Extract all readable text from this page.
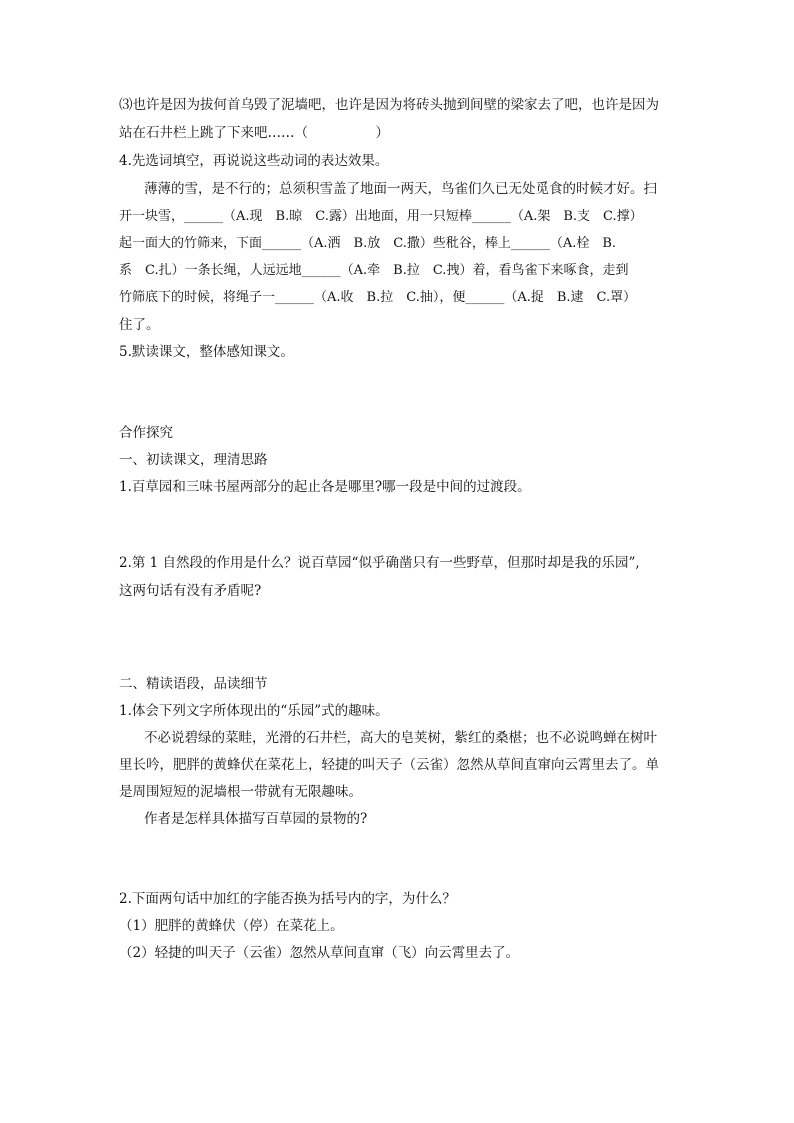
⑶也许是因为拔何首乌毁了泥墙吧，也许是因为将砖头抛到间壁的梁家去了吧，也许是因为
站在石井栏上跳了下来吧……（　　　　　）
4.先选词填空，再说说这些动词的表达效果。
薄薄的雪，是不行的；总须积雪盖了地面一两天，鸟雀们久已无处觅食的时候才好。扫
开一块雪，______（A.现　B.晾　C.露）出地面，用一只短棒______（A.架　B.支　C.撑）
起一面大的竹筛来，下面______（A.洒　B.放　C.撒）些秕谷，棒上______（A.栓　B.
系　C.扎）一条长绳，人远远地______（A.牵　B.拉　C.拽）着，看鸟雀下来啄食，走到
竹筛底下的时候，将绳子一______（A.收　B.拉　C.抽），便______（A.捉　B.逮　C.罩）
住了。
5.默读课文，整体感知课文。
合作探究
一、初读课文，理清思路
1.百草园和三味书屋两部分的起止各是哪里?哪一段是中间的过渡段。
2.第 1 自然段的作用是什么？说百草园“似乎确凿只有一些野草，但那时却是我的乐园”,
这两句话有没有矛盾呢?
二、精读语段，品读细节
1.体会下列文字所体现出的“乐园”式的趣味。
不必说碧绿的菜畦，光滑的石井栏，高大的皂荚树，紫红的桑椹；也不必说鸣蝉在树叶
里长吟，肥胖的黄蜂伏在菜花上，轻捷的叫天子（云雀）忽然从草间直窜向云霄里去了。单
是周围短短的泥墙根一带就有无限趣味。
作者是怎样具体描写百草园的景物的?
2.下面两句话中加红的字能否换为括号内的字，为什么？
（1）肥胖的黄蜂伏（停）在菜花上。
（2）轻捷的叫天子（云雀）忽然从草间直窜（飞）向云霄里去了。
